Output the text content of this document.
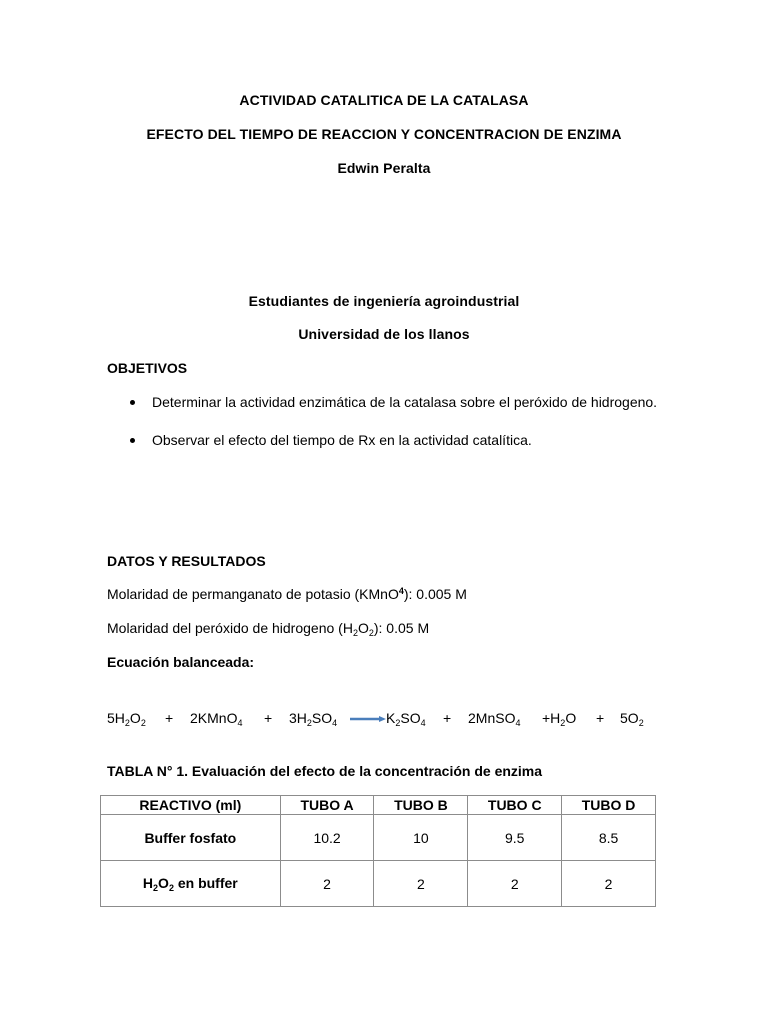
ACTIVIDAD CATALITICA DE LA CATALASA
EFECTO DEL TIEMPO DE REACCION Y CONCENTRACION DE ENZIMA
Edwin Peralta
Estudiantes de ingeniería agroindustrial
Universidad de los llanos
OBJETIVOS
Determinar la actividad enzimática de la catalasa sobre el peróxido de hidrogeno.
Observar el efecto del tiempo de Rx en la actividad catalítica.
DATOS Y RESULTADOS
Molaridad de permanganato de potasio (KMnO$^4$): 0.005 M
Molaridad del peróxido de hidrogeno $(H_2O_2)$: 0.05 M
Ecuación balanceada:
$5H_2O_2$ + 2KMnO$_4$ + $3H_2SO_4 \to K_2SO_4$ + 2MnSO$_4$ $+H_2O + 5O_2$
TABLA N° 1. Evaluación del efecto de la concentración de enzima
REACTIVO (ml)	TUBO A	TUBO B	TUBO C	TUBO D
Buffer fosfato	10.2	10	9.5	8.5
$H_2O_2$ en buffer	2	2	2	2
